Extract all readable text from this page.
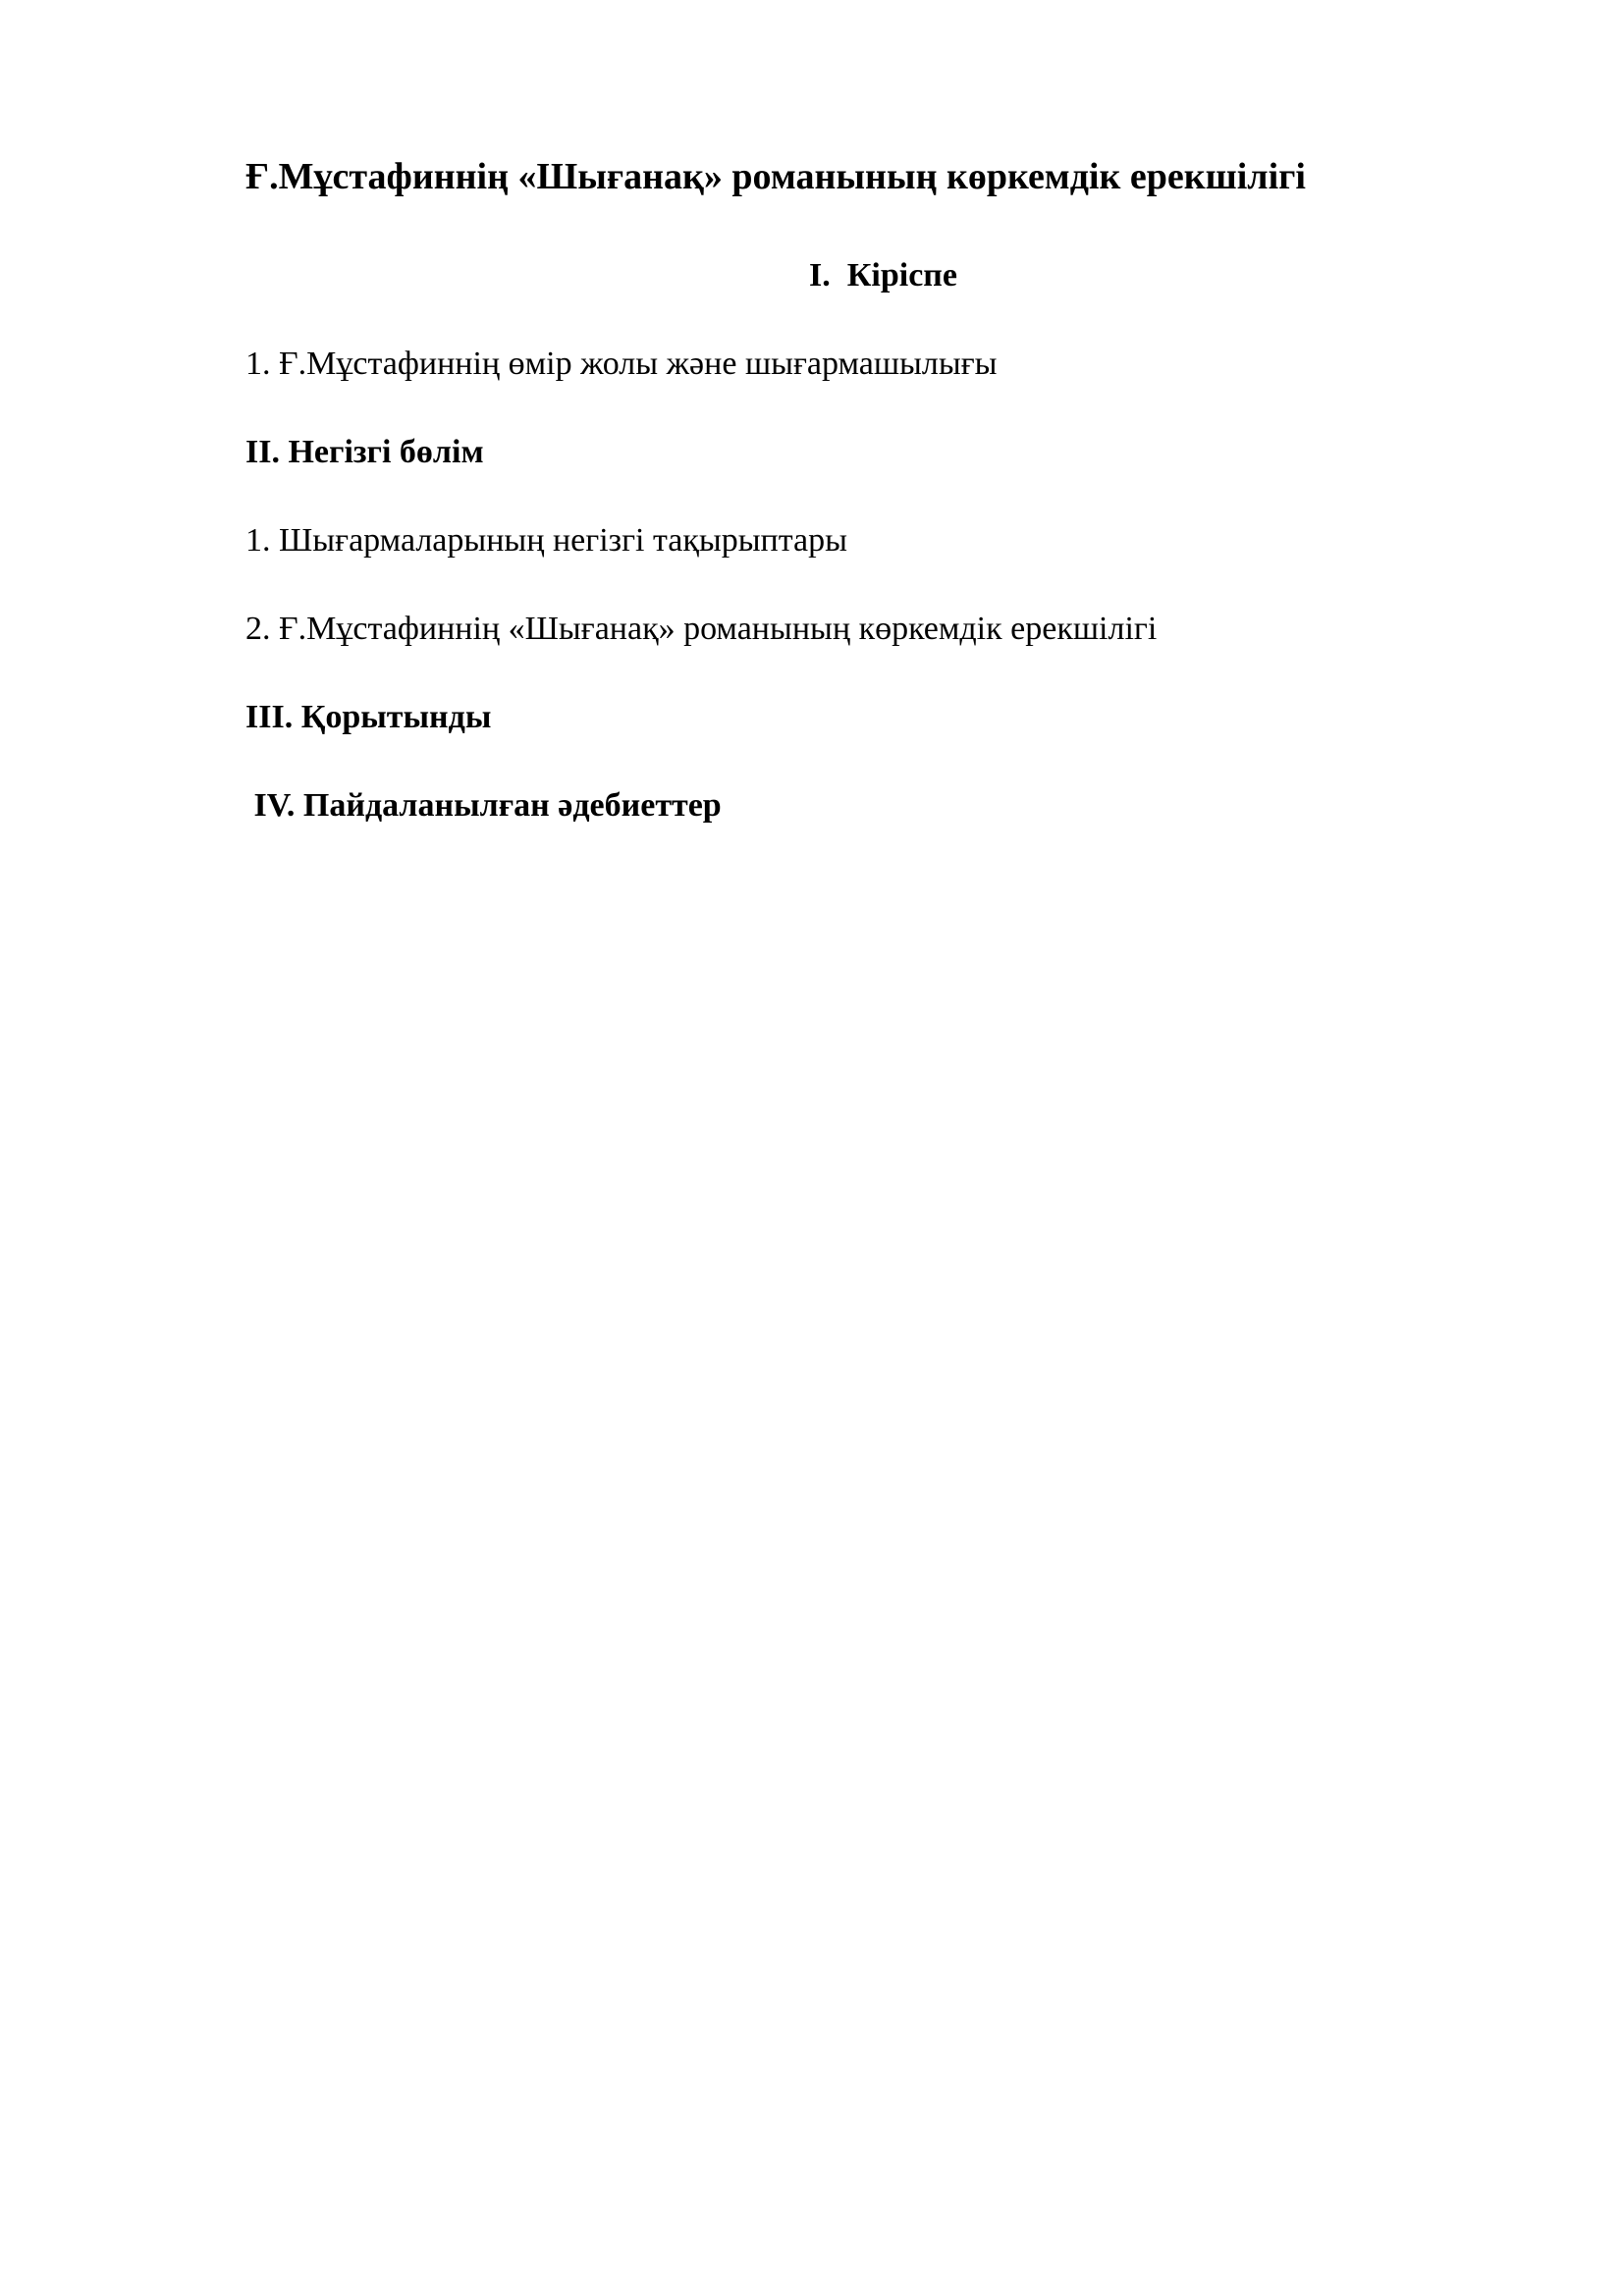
Ғ.Мұстафиннің «Шығанақ» романының көркемдік ерекшілігі

I.  Кіріспе

1. Ғ.Мұстафиннің өмір жолы және шығармашылығы

II. Негізгі бөлім

1. Шығармаларының негізгі тақырыптары

2. Ғ.Мұстафиннің «Шығанақ» романының көркемдік ерекшілігі

III. Қорытынды

IV. Пайдаланылған әдебиеттер
